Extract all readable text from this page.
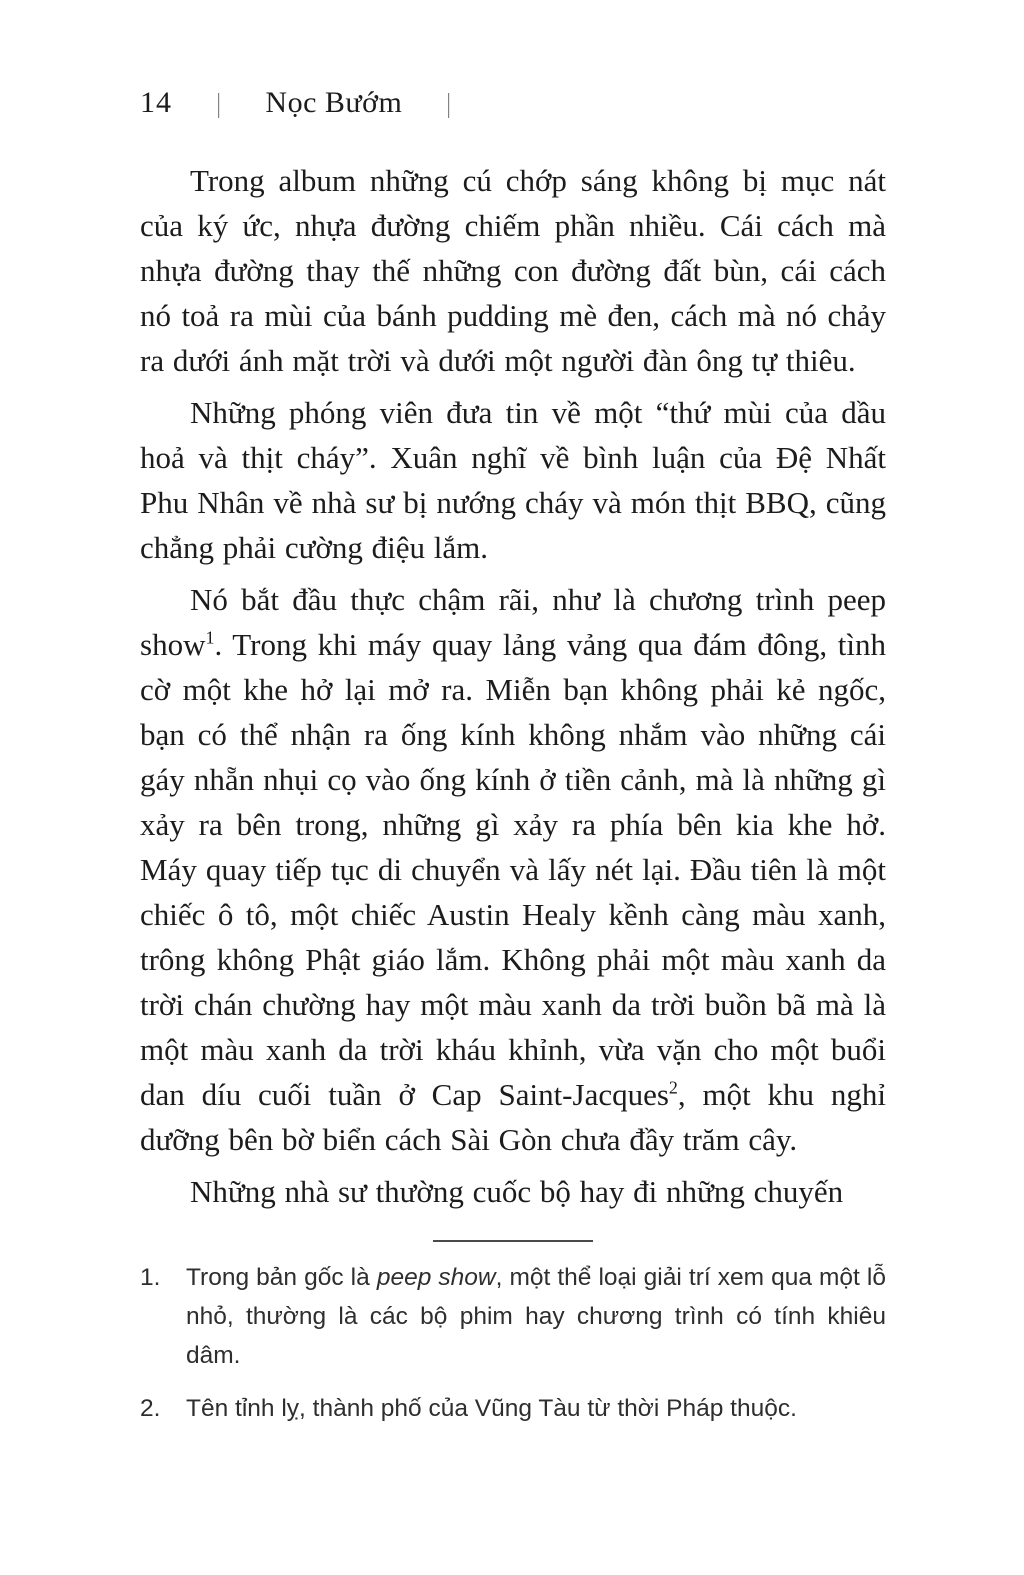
14 | Nọc Bướm |

Trong album những cú chớp sáng không bị mục nát của ký ức, nhựa đường chiếm phần nhiều. Cái cách mà nhựa đường thay thế những con đường đất bùn, cái cách nó toả ra mùi của bánh pudding mè đen, cách mà nó chảy ra dưới ánh mặt trời và dưới một người đàn ông tự thiêu.

Những phóng viên đưa tin về một “thứ mùi của dầu hoả và thịt cháy”. Xuân nghĩ về bình luận của Đệ Nhất Phu Nhân về nhà sư bị nướng cháy và món thịt BBQ, cũng chẳng phải cường điệu lắm.

Nó bắt đầu thực chậm rãi, như là chương trình peep show$^1$. Trong khi máy quay lảng vảng qua đám đông, tình cờ một khe hở lại mở ra. Miễn bạn không phải kẻ ngốc, bạn có thể nhận ra ống kính không nhắm vào những cái gáy nhẵn nhụi cọ vào ống kính ở tiền cảnh, mà là những gì xảy ra bên trong, những gì xảy ra phía bên kia khe hở. Máy quay tiếp tục di chuyển và lấy nét lại. Đầu tiên là một chiếc ô tô, một chiếc Austin Healy kềnh càng màu xanh, trông không Phật giáo lắm. Không phải một màu xanh da trời chán chường hay một màu xanh da trời buồn bã mà là một màu xanh da trời kháu khỉnh, vừa vặn cho một buổi dan díu cuối tuần ở Cap Saint-Jacques$^2$, một khu nghỉ dưỡng bên bờ biển cách Sài Gòn chưa đầy trăm cây.

Những nhà sư thường cuốc bộ hay đi những chuyến

1.	Trong bản gốc là peep show, một thể loại giải trí xem qua một lỗ nhỏ, thường là các bộ phim hay chương trình có tính khiêu dâm.
2.	Tên tỉnh lỵ, thành phố của Vũng Tàu từ thời Pháp thuộc.
